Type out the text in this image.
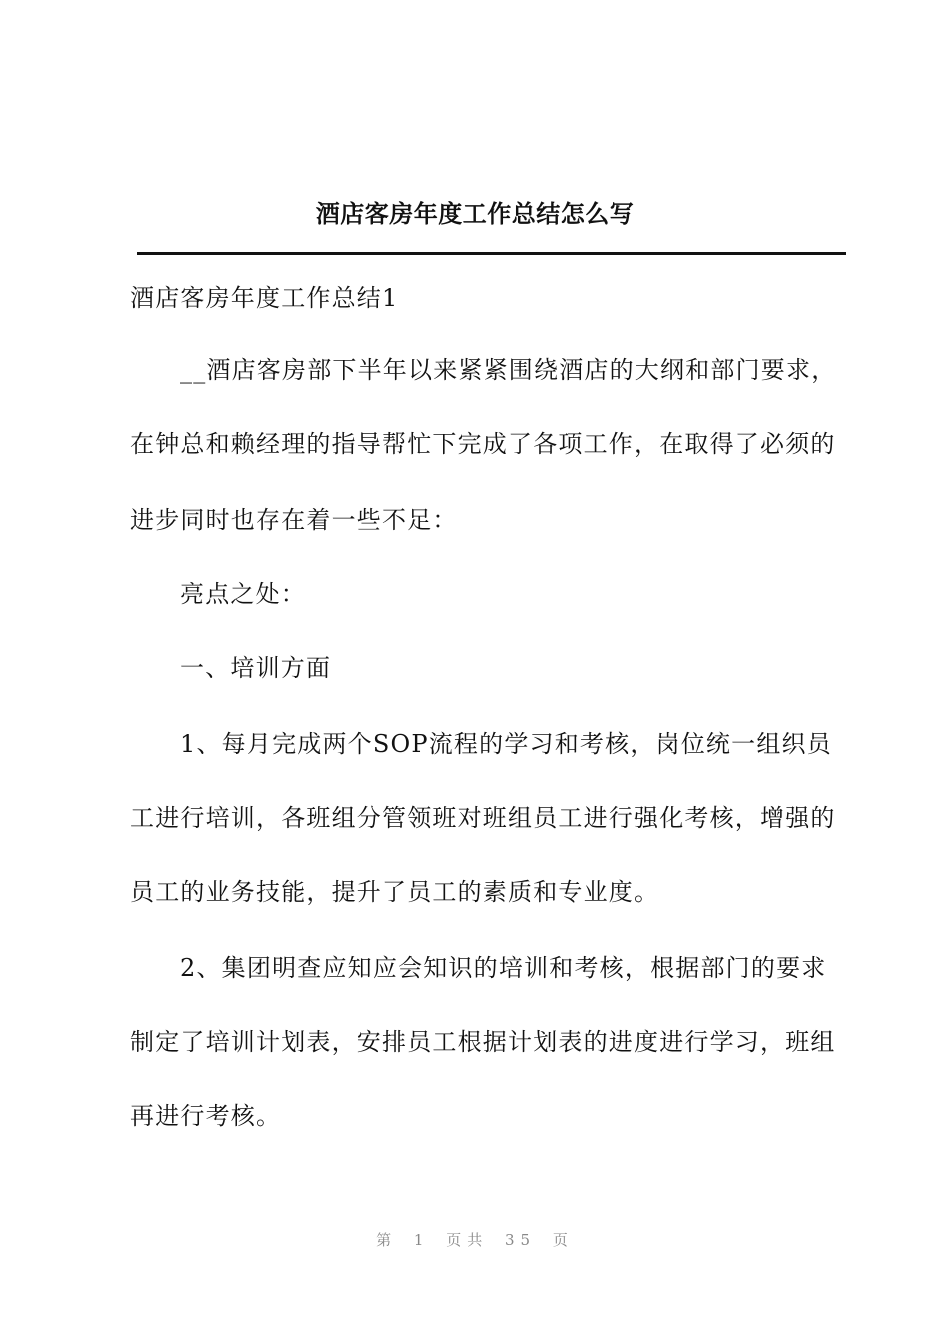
酒店客房年度工作总结怎么写
酒店客房年度工作总结1
__酒店客房部下半年以来紧紧围绕酒店的大纲和部门要求，
在钟总和赖经理的指导帮忙下完成了各项工作，在取得了必须的
进步同时也存在着一些不足：
亮点之处：
一、培训方面
1、每月完成两个SOP流程的学习和考核，岗位统一组织员
工进行培训，各班组分管领班对班组员工进行强化考核，增强的
员工的业务技能，提升了员工的素质和专业度。
2、集团明查应知应会知识的培训和考核，根据部门的要求
制定了培训计划表，安排员工根据计划表的进度进行学习，班组
再进行考核。
第 1 页共 35 页
